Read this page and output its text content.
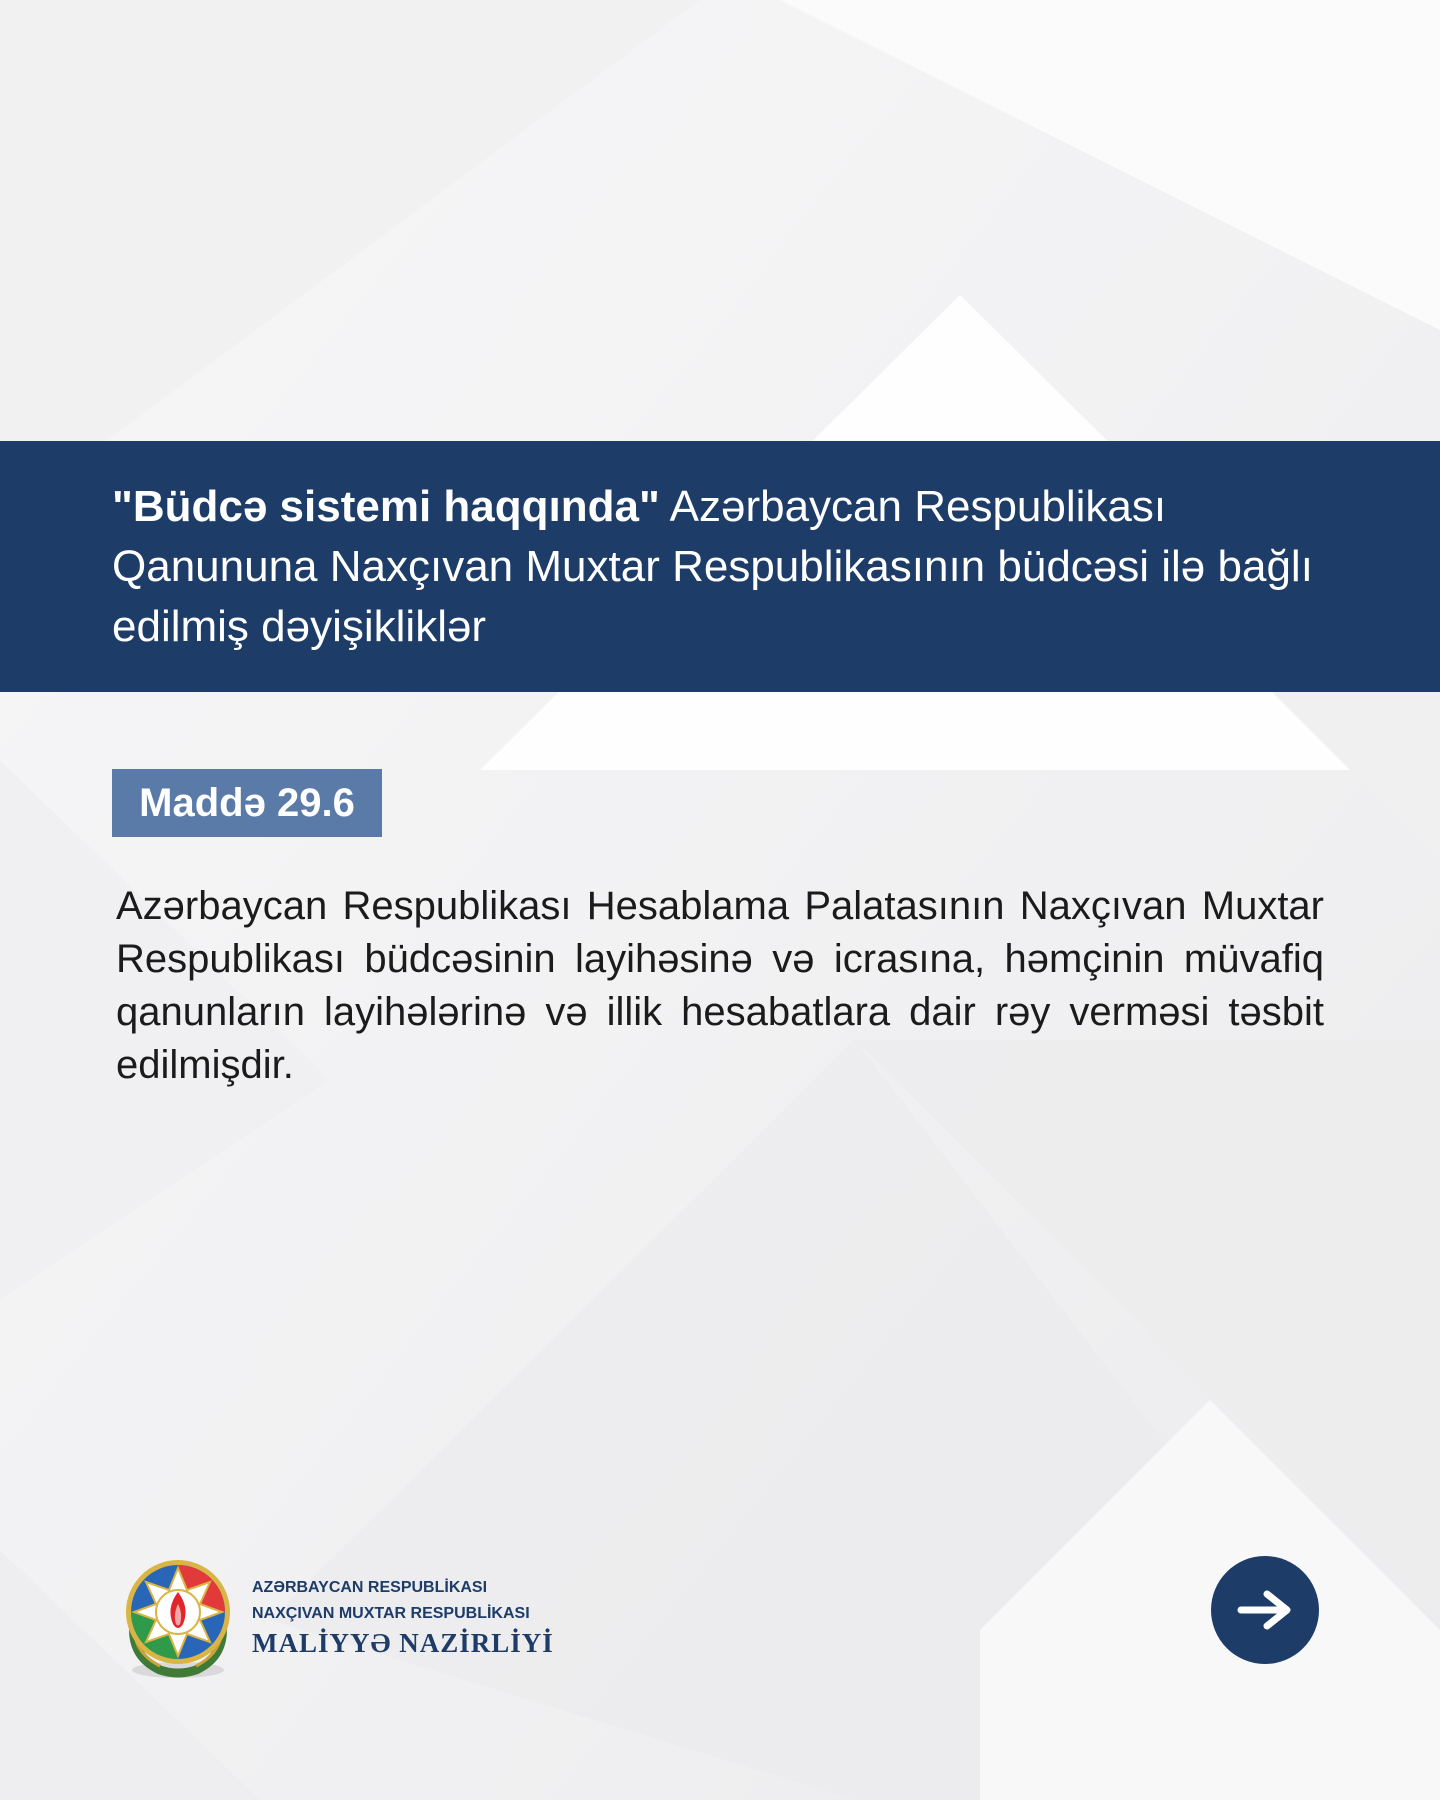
"Büdcə sistemi haqqında" Azərbaycan Respublikası Qanununa Naxçıvan Muxtar Respublikasının büdcəsi ilə bağlı edilmiş dəyişikliklər

Maddə 29.6

Azərbaycan Respublikası Hesablama Palatasının Naxçıvan Muxtar Respublikası büdcəsinin layihəsinə və icrasına, həmçinin müvafiq qanunların layihələrinə və illik hesabatlara dair rəy verməsi təsbit edilmişdir.

AZƏRBAYCAN RESPUBLİKASI
NAXÇIVAN MUXTAR RESPUBLİKASI
MALİYYƏ NAZİRLİYİ
